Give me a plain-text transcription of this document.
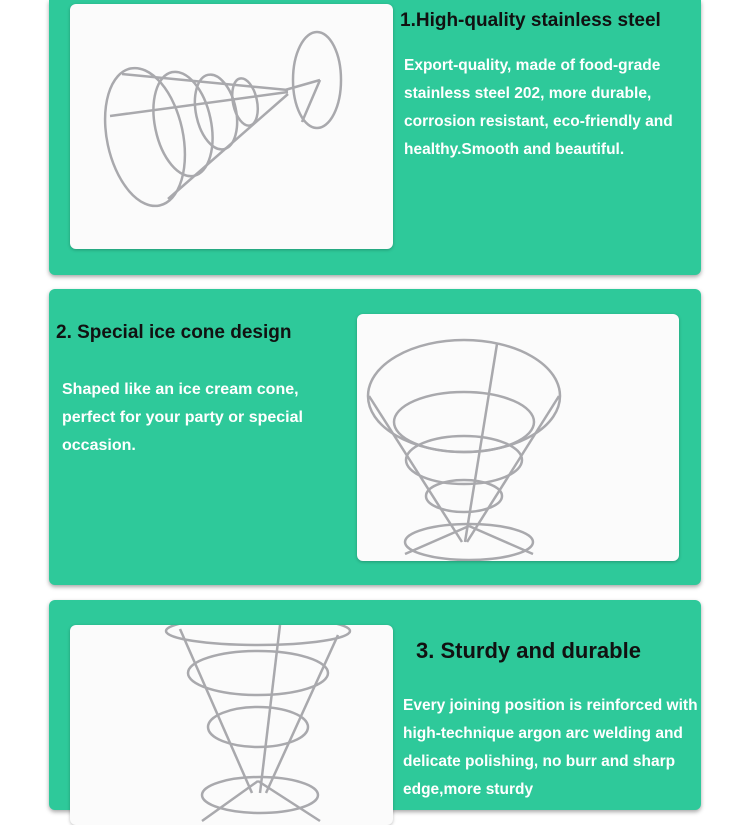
1.High-quality stainless steel

Export-quality, made of food-grade stainless steel 202, more durable, corrosion resistant, eco-friendly and healthy.Smooth and beautiful.

2. Special ice cone design

Shaped like an ice cream cone, perfect for your party or special occasion.

3. Sturdy and durable

Every joining position is reinforced with high-technique argon arc welding and delicate polishing, no burr and sharp edge,more sturdy
